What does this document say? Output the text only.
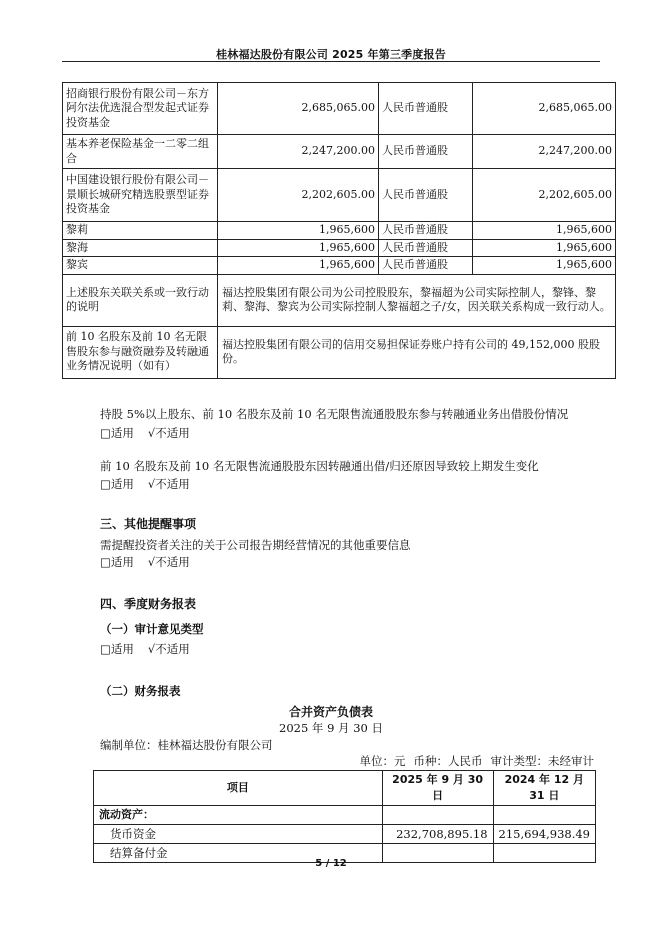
桂林福达股份有限公司 2025 年第三季度报告
招商银行股份有限公司－东方阿尔法优选混合型发起式证券投资基金	2,685,065.00	人民币普通股	2,685,065.00
基本养老保险基金一二零二组合	2,247,200.00	人民币普通股	2,247,200.00
中国建设银行股份有限公司－景顺长城研究精选股票型证券投资基金	2,202,605.00	人民币普通股	2,202,605.00
黎莉	1,965,600	人民币普通股	1,965,600
黎海	1,965,600	人民币普通股	1,965,600
黎宾	1,965,600	人民币普通股	1,965,600
上述股东关联关系或一致行动的说明	福达控股集团有限公司为公司控股股东，黎福超为公司实际控制人，黎锋、黎莉、黎海、黎宾为公司实际控制人黎福超之子/女，因关联关系构成一致行动人。		
前 10 名股东及前 10 名无限售股东参与融资融券及转融通业务情况说明（如有）	福达控股集团有限公司的信用交易担保证券账户持有公司的 49,152,000 股股份。		
持股 5%以上股东、前 10 名股东及前 10 名无限售流通股股东参与转融通业务出借股份情况
□适用 √不适用
前 10 名股东及前 10 名无限售流通股股东因转融通出借/归还原因导致较上期发生变化
□适用 √不适用
三、其他提醒事项
需提醒投资者关注的关于公司报告期经营情况的其他重要信息
□适用 √不适用
四、季度财务报表
（一）审计意见类型
□适用 √不适用
（二）财务报表
合并资产负债表
2025 年 9 月 30 日
编制单位：桂林福达股份有限公司
单位：元 币种：人民币 审计类型：未经审计
项目	2025 年 9 月 30 日	2024 年 12 月 31 日
流动资产：		
货币资金	232,708,895.18	215,694,938.49
结算备付金		
5 / 12
